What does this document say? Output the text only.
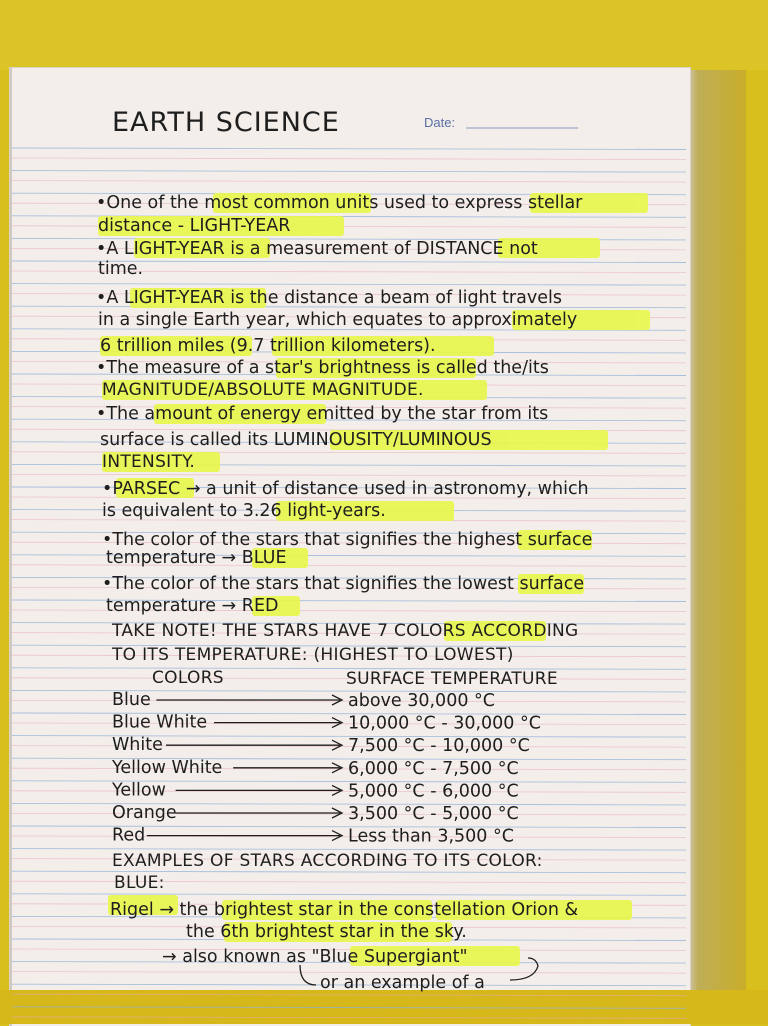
EARTH SCIENCE	Date:
•One of the most common units used to express stellar
distance - LIGHT-YEAR
•A LIGHT-YEAR is a measurement of DISTANCE not
time.
•A LIGHT-YEAR is the distance a beam of light travels
in a single Earth year, which equates to approximately
6 trillion miles (9.7 trillion kilometers).
•The measure of a star's brightness is called the/its
MAGNITUDE/ABSOLUTE MAGNITUDE.
•The amount of energy emitted by the star from its
surface is called its LUMINOUSITY/LUMINOUS
INTENSITY.
•PARSEC → a unit of distance used in astronomy, which
is equivalent to 3.26 light-years.
•The color of the stars that signifies the highest surface
temperature → BLUE
•The color of the stars that signifies the lowest surface
temperature → RED
TAKE NOTE! THE STARS HAVE 7 COLORS ACCORDING
TO ITS TEMPERATURE: (HIGHEST TO LOWEST)
COLORS	SURFACE TEMPERATURE
Blue	above 30,000 °C
Blue White	10,000 °C - 30,000 °C
White	7,500 °C - 10,000 °C
Yellow White	6,000 °C - 7,500 °C
Yellow	5,000 °C - 6,000 °C
Orange	3,500 °C - 5,000 °C
Red	Less than 3,500 °C
EXAMPLES OF STARS ACCORDING TO ITS COLOR:
BLUE:
Rigel → the brightest star in the constellation Orion &
the 6th brightest star in the sky.
→ also known as "Blue Supergiant"
or an example of a
